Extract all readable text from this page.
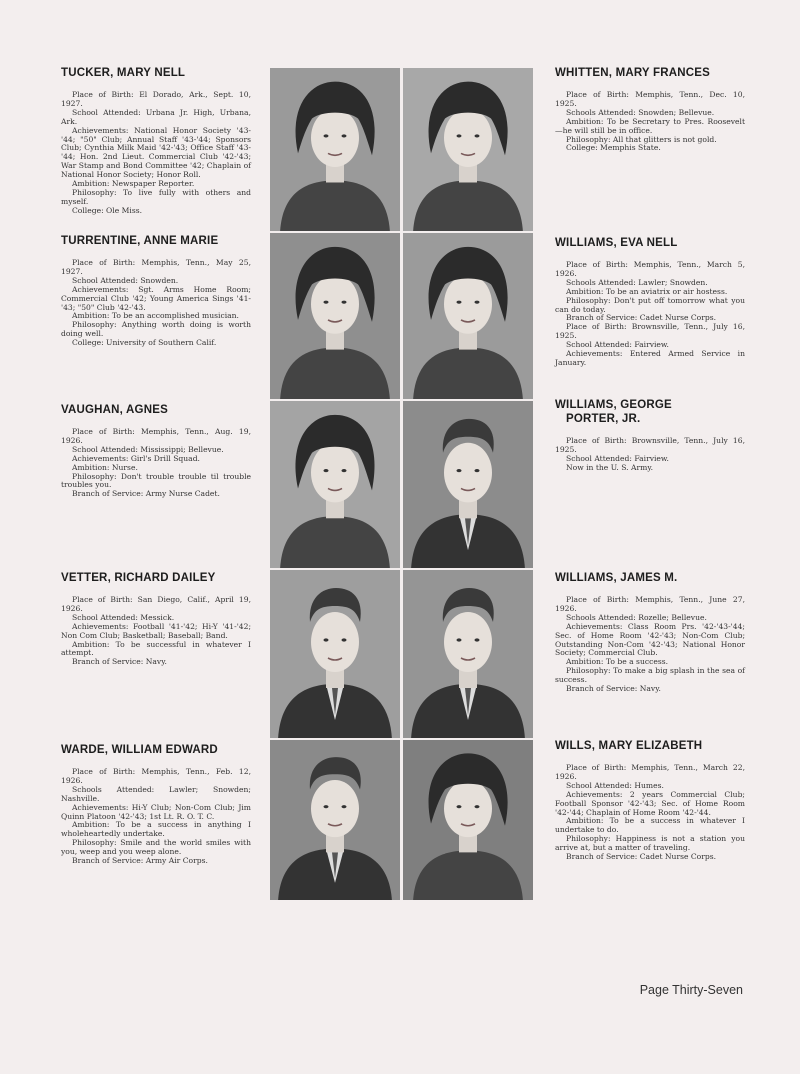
TUCKER, MARY NELL

Place of Birth: El Dorado, Ark., Sept. 10, 1927.

School Attended: Urbana Jr. High, Urbana, Ark.

Achievements: National Honor Society '43-'44; "50" Club; Annual Staff '43-'44; Sponsors Club; Cynthia Milk Maid '42-'43; Office Staff '43-'44; Hon. 2nd Lieut. Commercial Club '42-'43; War Stamp and Bond Committee '42; Chaplain of National Honor Society; Honor Roll.

Ambition: Newspaper Reporter.

Philosophy: To live fully with others and myself.

College: Ole Miss.

TURRENTINE, ANNE MARIE

Place of Birth: Memphis, Tenn., May 25, 1927.

School Attended: Snowden.

Achievements: Sgt. Arms Home Room; Commercial Club '42; Young America Sings '41-'43; "50" Club '42-'43.

Ambition: To be an accomplished musician.

Philosophy: Anything worth doing is worth doing well.

College: University of Southern Calif.

VAUGHAN, AGNES

Place of Birth: Memphis, Tenn., Aug. 19, 1926.

School Attended: Mississippi; Bellevue.

Achievements: Girl's Drill Squad.

Ambition: Nurse.

Philosophy: Don't trouble trouble til trouble troubles you.

Branch of Service: Army Nurse Cadet.

VETTER, RICHARD DAILEY

Place of Birth: San Diego, Calif., April 19, 1926.

School Attended: Messick.

Achievements: Football '41-'42; Hi-Y '41-'42; Non Com Club; Basketball; Baseball; Band.

Ambition: To be successful in whatever I attempt.

Branch of Service: Navy.

WARDE, WILLIAM EDWARD

Place of Birth: Memphis, Tenn., Feb. 12, 1926.

Schools Attended: Lawler; Snowden; Nashville.

Achievements: Hi-Y Club; Non-Com Club; Jim Quinn Platoon '42-'43; 1st Lt. R. O. T. C.

Ambition: To be a success in anything I wholeheartedly undertake.

Philosophy: Smile and the world smiles with you, weep and you weep alone.

Branch of Service: Army Air Corps.

WHITTEN, MARY FRANCES

Place of Birth: Memphis, Tenn., Dec. 10, 1925.

Schools Attended: Snowden; Bellevue.

Ambition: To be Secretary to Pres. Roosevelt—he will still be in office.

Philosophy: All that glitters is not gold.

College: Memphis State.

WILLIAMS, EVA NELL

Place of Birth: Memphis, Tenn., March 5, 1926.

Schools Attended: Lawler; Snowden.

Ambition: To be an aviatrix or air hostess.

Philosophy: Don't put off tomorrow what you can do today.

Branch of Service: Cadet Nurse Corps.

Place of Birth: Brownsville, Tenn., July 16, 1925.

School Attended: Fairview.

Achievements: Entered Armed Service in January.

WILLIAMS, GEORGE
PORTER, JR.

Place of Birth: Brownsville, Tenn., July 16, 1925.

School Attended: Fairview.

Now in the U. S. Army.

WILLIAMS, JAMES M.

Place of Birth: Memphis, Tenn., June 27, 1926.

Schools Attended: Rozelle; Bellevue.

Achievements: Class Room Prs. '42-'43-'44; Sec. of Home Room '42-'43; Non-Com Club; Outstanding Non-Com '42-'43; National Honor Society; Commercial Club.

Ambition: To be a success.

Philosophy: To make a big splash in the sea of success.

Branch of Service: Navy.

WILLS, MARY ELIZABETH

Place of Birth: Memphis, Tenn., March 22, 1926.

School Attended: Humes.

Achievements: 2 years Commercial Club; Football Sponsor '42-'43; Sec. of Home Room '42-'44; Chaplain of Home Room '42-'44.

Ambition: To be a success in whatever I undertake to do.

Philosophy: Happiness is not a station you arrive at, but a matter of traveling.

Branch of Service: Cadet Nurse Corps.

Page Thirty-Seven
